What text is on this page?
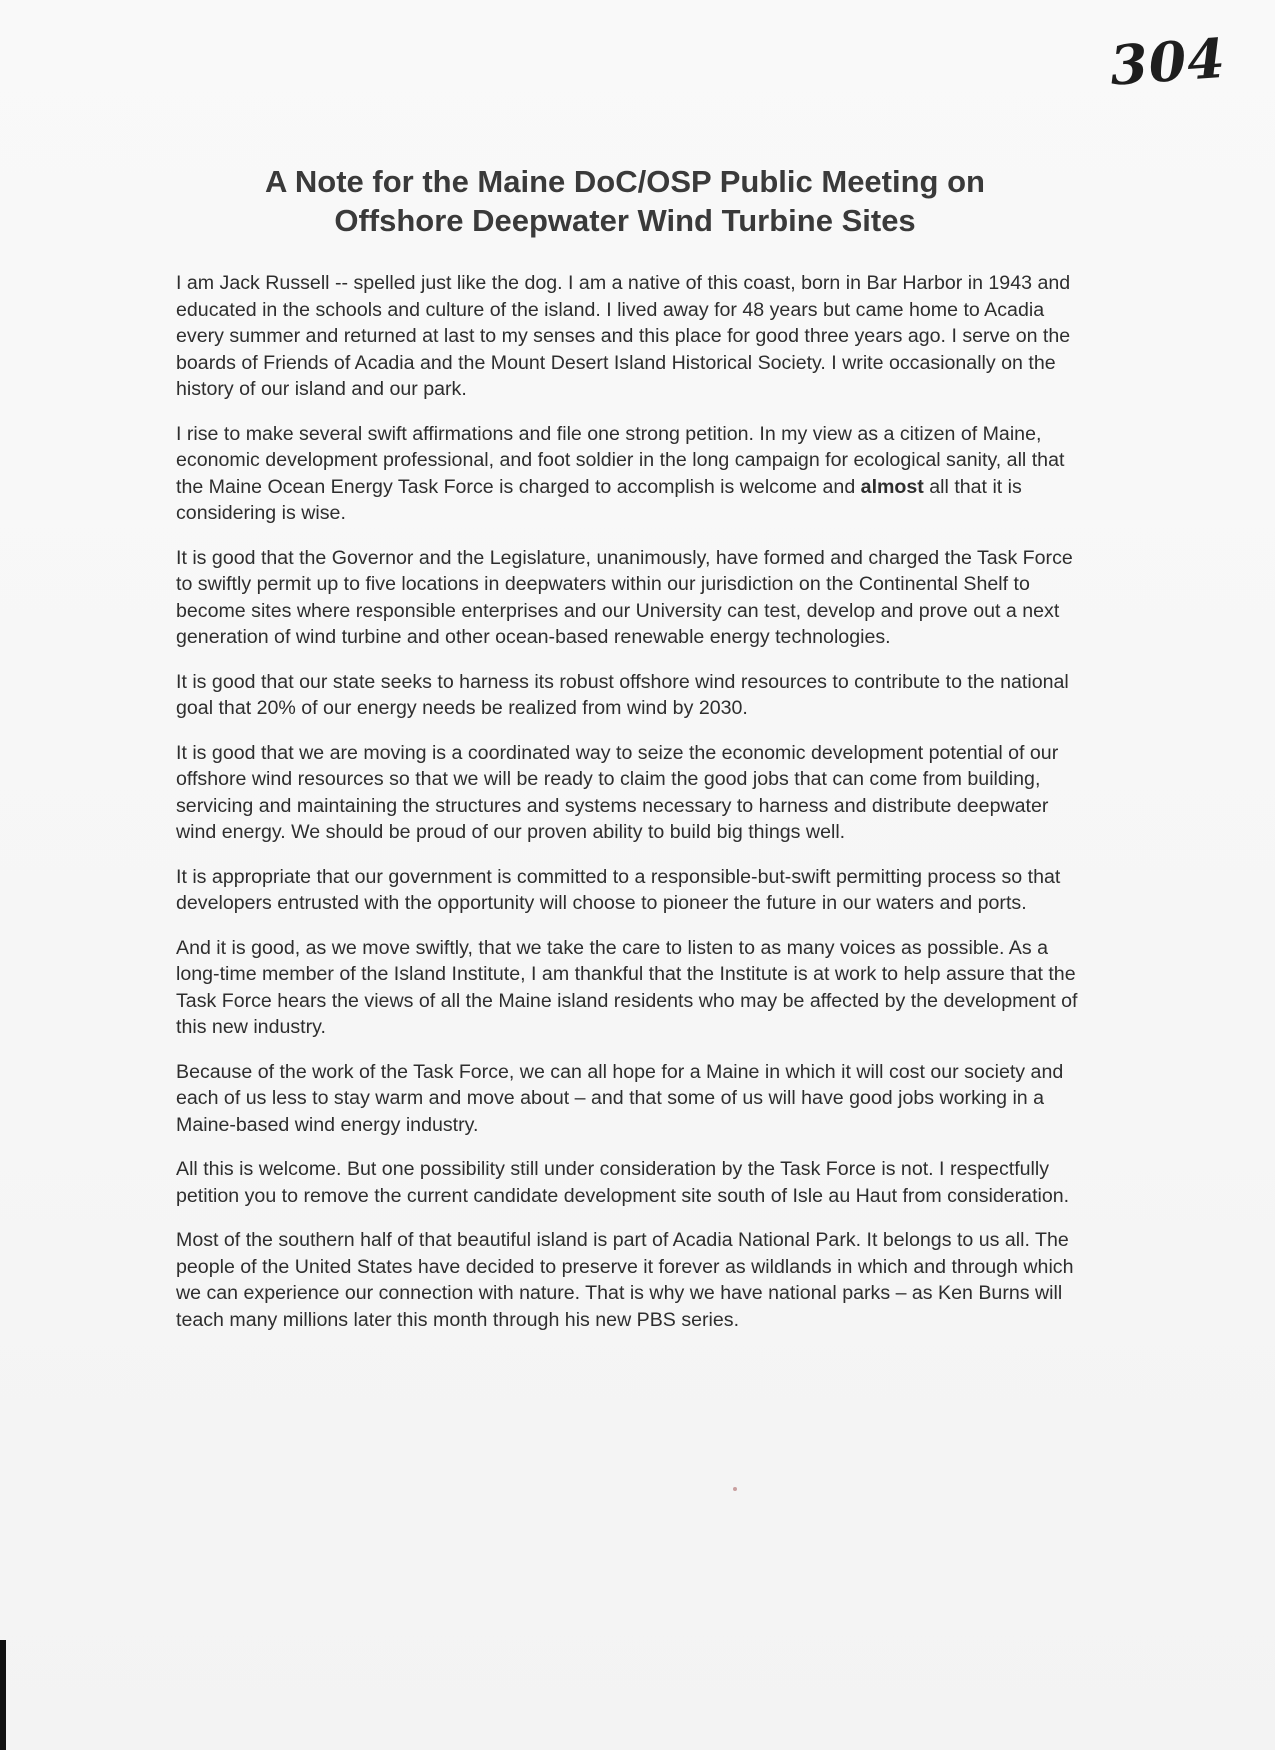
304
A Note for the Maine DoC/OSP Public Meeting on
Offshore Deepwater Wind Turbine Sites

I am Jack Russell -- spelled just like the dog. I am a native of this coast, born in Bar Harbor in 1943 and educated in the schools and culture of the island. I lived away for 48 years but came home to Acadia every summer and returned at last to my senses and this place for good three years ago. I serve on the boards of Friends of Acadia and the Mount Desert Island Historical Society. I write occasionally on the history of our island and our park.

I rise to make several swift affirmations and file one strong petition. In my view as a citizen of Maine, economic development professional, and foot soldier in the long campaign for ecological sanity, all that the Maine Ocean Energy Task Force is charged to accomplish is welcome and almost all that it is considering is wise.

It is good that the Governor and the Legislature, unanimously, have formed and charged the Task Force to swiftly permit up to five locations in deepwaters within our jurisdiction on the Continental Shelf to become sites where responsible enterprises and our University can test, develop and prove out a next generation of wind turbine and other ocean-based renewable energy technologies.

It is good that our state seeks to harness its robust offshore wind resources to contribute to the national goal that 20% of our energy needs be realized from wind by 2030.

It is good that we are moving is a coordinated way to seize the economic development potential of our offshore wind resources so that we will be ready to claim the good jobs that can come from building, servicing and maintaining the structures and systems necessary to harness and distribute deepwater wind energy. We should be proud of our proven ability to build big things well.

It is appropriate that our government is committed to a responsible-but-swift permitting process so that developers entrusted with the opportunity will choose to pioneer the future in our waters and ports.

And it is good, as we move swiftly, that we take the care to listen to as many voices as possible. As a long-time member of the Island Institute, I am thankful that the Institute is at work to help assure that the Task Force hears the views of all the Maine island residents who may be affected by the development of this new industry.

Because of the work of the Task Force, we can all hope for a Maine in which it will cost our society and each of us less to stay warm and move about – and that some of us will have good jobs working in a Maine-based wind energy industry.

All this is welcome. But one possibility still under consideration by the Task Force is not. I respectfully petition you to remove the current candidate development site south of Isle au Haut from consideration.

Most of the southern half of that beautiful island is part of Acadia National Park. It belongs to us all. The people of the United States have decided to preserve it forever as wildlands in which and through which we can experience our connection with nature. That is why we have national parks – as Ken Burns will teach many millions later this month through his new PBS series.
